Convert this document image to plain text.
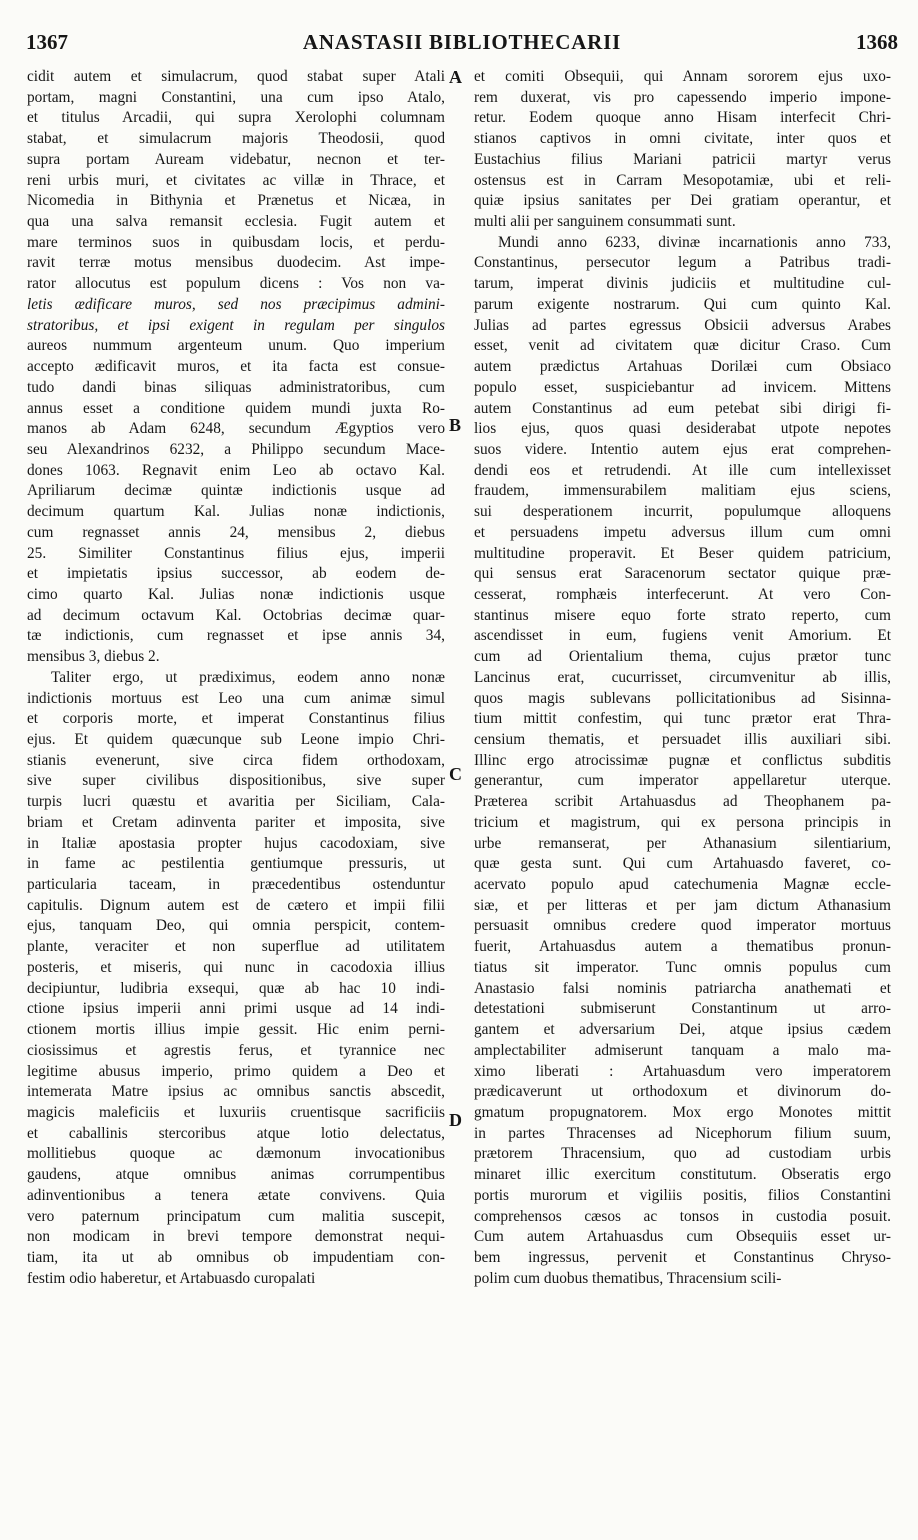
1367	ANASTASII BIBLIOTHECARII	1368
cidit autem et simulacrum, quod stabat super Atali
portam, magni Constantini, una cum ipso Atalo,
et titulus Arcadii, qui supra Xerolophi columnam
stabat, et simulacrum majoris Theodosii, quod
supra portam Auream videbatur, necnon et ter-
reni urbis muri, et civitates ac villæ in Thrace, et
Nicomedia in Bithynia et Prænetus et Nicæa, in
qua una salva remansit ecclesia. Fugit autem et
mare terminos suos in quibusdam locis, et perdu-
ravit terræ motus mensibus duodecim. Ast impe-
rator allocutus est populum dicens : Vos non va-
letis ædificare muros, sed nos præcipimus admini-
stratoribus, et ipsi exigent in regulam per singulos
aureos nummum argenteum unum. Quo imperium
accepto ædificavit muros, et ita facta est consue-
tudo dandi binas siliquas administratoribus, cum
annus esset a conditione quidem mundi juxta Ro-
manos ab Adam 6248, secundum Ægyptios vero
seu Alexandrinos 6232, a Philippo secundum Mace-
dones 1063. Regnavit enim Leo ab octavo Kal.
Apriliarum decimæ quintæ indictionis usque ad
decimum quartum Kal. Julias nonæ indictionis,
cum regnasset annis 24, mensibus 2, diebus
25. Similiter Constantinus filius ejus, imperii
et impietatis ipsius successor, ab eodem de-
cimo quarto Kal. Julias nonæ indictionis usque
ad decimum octavum Kal. Octobrias decimæ quar-
tæ indictionis, cum regnasset et ipse annis 34,
mensibus 3, diebus 2.
Taliter ergo, ut prædiximus, eodem anno nonæ
indictionis mortuus est Leo una cum animæ simul
et corporis morte, et imperat Constantinus filius
ejus. Et quidem quæcunque sub Leone impio Chri-
stianis evenerunt, sive circa fidem orthodoxam,
sive super civilibus dispositionibus, sive super
turpis lucri quæstu et avaritia per Siciliam, Cala-
briam et Cretam adinventa pariter et imposita, sive
in Italiæ apostasia propter hujus cacodoxiam, sive
in fame ac pestilentia gentiumque pressuris, ut
particularia taceam, in præcedentibus ostenduntur
capitulis. Dignum autem est de cætero et impii filii
ejus, tanquam Deo, qui omnia perspicit, contem-
plante, veraciter et non superflue ad utilitatem
posteris, et miseris, qui nunc in cacodoxia illius
decipiuntur, ludibria exsequi, quæ ab hac 10 indi-
ctione ipsius imperii anni primi usque ad 14 indi-
ctionem mortis illius impie gessit. Hic enim perni-
ciosissimus et agrestis ferus, et tyrannice nec
legitime abusus imperio, primo quidem a Deo et
intemerata Matre ipsius ac omnibus sanctis abscedit,
magicis maleficiis et luxuriis cruentisque sacrificiis
et caballinis stercoribus atque lotio delectatus,
mollitiebus quoque ac dæmonum invocationibus
gaudens, atque omnibus animas corrumpentibus
adinventionibus a tenera ætate convivens. Quia
vero paternum principatum cum malitia suscepit,
non modicam in brevi tempore demonstrat nequi-
tiam, ita ut ab omnibus ob impudentiam con-
festim odio haberetur, et Artabuasdo curopalati
et comiti Obsequii, qui Annam sororem ejus uxo-
rem duxerat, vis pro capessendo imperio impone-
retur. Eodem quoque anno Hisam interfecit Chri-
stianos captivos in omni civitate, inter quos et
Eustachius filius Mariani patricii martyr verus
ostensus est in Carram Mesopotamiæ, ubi et reli-
quiæ ipsius sanitates per Dei gratiam operantur, et
multi alii per sanguinem consummati sunt.
Mundi anno 6233, divinæ incarnationis anno 733,
Constantinus, persecutor legum a Patribus tradi-
tarum, imperat divinis judiciis et multitudine cul-
parum exigente nostrarum. Qui cum quinto Kal.
Julias ad partes egressus Obsicii adversus Arabes
esset, venit ad civitatem quæ dicitur Craso. Cum
autem prædictus Artahuas Dorilæi cum Obsiaco
populo esset, suspiciebantur ad invicem. Mittens
autem Constantinus ad eum petebat sibi dirigi fi-
lios ejus, quos quasi desiderabat utpote nepotes
suos videre. Intentio autem ejus erat comprehen-
dendi eos et retrudendi. At ille cum intellexisset
fraudem, immensurabilem malitiam ejus sciens,
sui desperationem incurrit, populumque alloquens
et persuadens impetu adversus illum cum omni
multitudine properavit. Et Beser quidem patricium,
qui sensus erat Saracenorum sectator quique præ-
cesserat, romphæis interfecerunt. At vero Con-
stantinus misere equo forte strato reperto, cum
ascendisset in eum, fugiens venit Amorium. Et
cum ad Orientalium thema, cujus prætor tunc
Lancinus erat, cucurrisset, circumvenitur ab illis,
quos magis sublevans pollicitationibus ad Sisinna-
tium mittit confestim, qui tunc prætor erat Thra-
censium thematis, et persuadet illis auxiliari sibi.
Illinc ergo atrocissimæ pugnæ et conflictus subditis
generantur, cum imperator appellaretur uterque.
Præterea scribit Artahuasdus ad Theophanem pa-
tricium et magistrum, qui ex persona principis in
urbe remanserat, per Athanasium silentiarium,
quæ gesta sunt. Qui cum Artahuasdo faveret, co-
acervato populo apud catechumenia Magnæ eccle-
siæ, et per litteras et per jam dictum Athanasium
persuasit omnibus credere quod imperator mortuus
fuerit, Artahuasdus autem a thematibus pronun-
tiatus sit imperator. Tunc omnis populus cum
Anastasio falsi nominis patriarcha anathemati et
detestationi submiserunt Constantinum ut arro-
gantem et adversarium Dei, atque ipsius cædem
amplectabiliter admiserunt tanquam a malo ma-
ximo liberati : Artahuasdum vero imperatorem
prædicaverunt ut orthodoxum et divinorum do-
gmatum propugnatorem. Mox ergo Monotes mittit
in partes Thracenses ad Nicephorum filium suum,
prætorem Thracensium, quo ad custodiam urbis
minaret illic exercitum constitutum. Obseratis ergo
portis murorum et vigiliis positis, filios Constantini
comprehensos cæsos ac tonsos in custodia posuit.
Cum autem Artahuasdus cum Obsequiis esset ur-
bem ingressus, pervenit et Constantinus Chryso-
polim cum duobus thematibus, Thracensium scili-
A
B
C
D
